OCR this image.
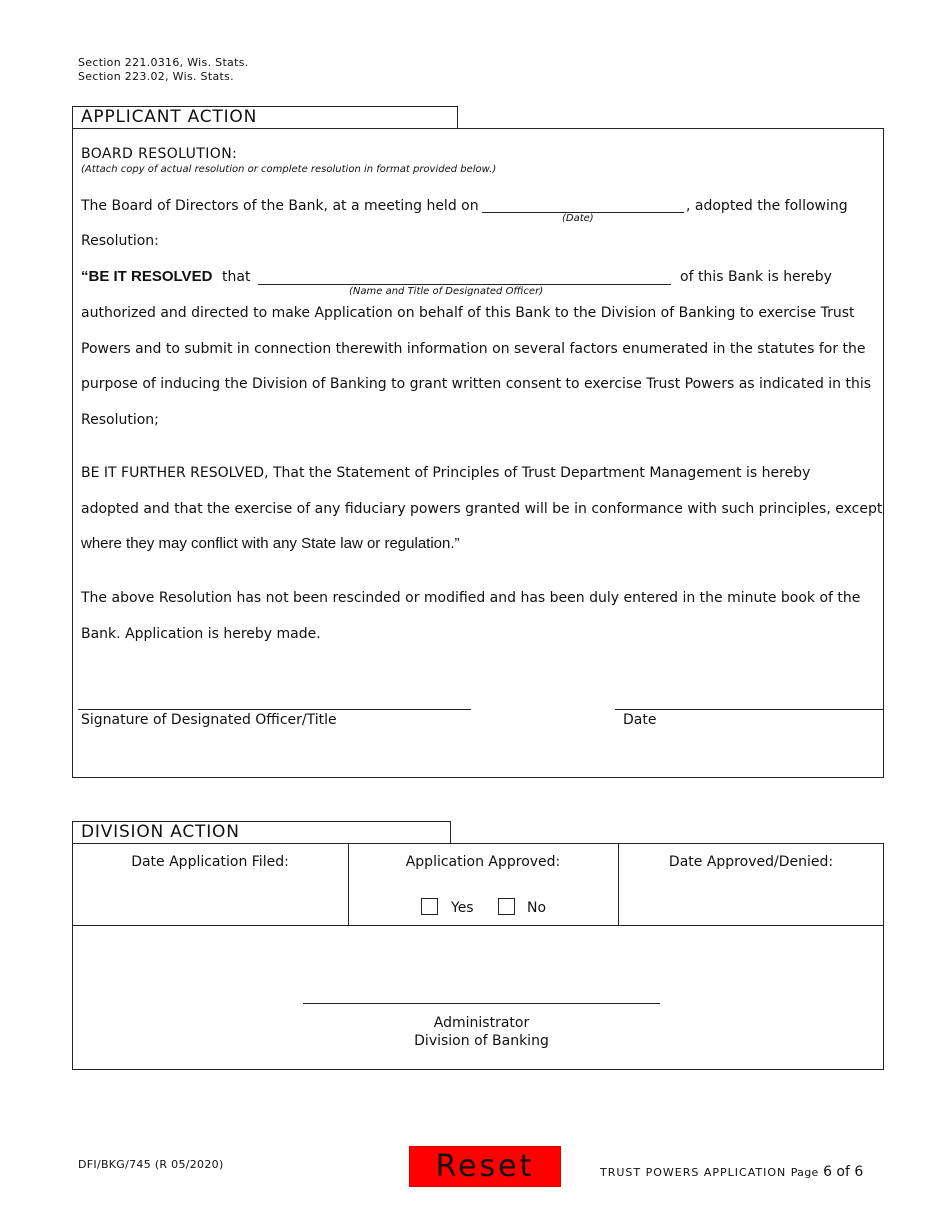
Section 221.0316, Wis. Stats.
Section 223.02, Wis. Stats.
APPLICANT ACTION
BOARD RESOLUTION:
(Attach copy of actual resolution or complete resolution in format provided below.)
The Board of Directors of the Bank, at a meeting held on	, adopted the following
(Date)
Resolution:
“BE IT RESOLVED that
(Name and Title of Designated Officer)
of this Bank is hereby
authorized and directed to make Application on behalf of this Bank to the Division of Banking to exercise Trust
Powers and to submit in connection therewith information on several factors enumerated in the statutes for the
purpose of inducing the Division of Banking to grant written consent to exercise Trust Powers as indicated in this
Resolution;
BE IT FURTHER RESOLVED, That the Statement of Principles of Trust Department Management is hereby
adopted and that the exercise of any fiduciary powers granted will be in conformance with such principles, except
where they may conflict with any State law or regulation.”
The above Resolution has not been rescinded or modified and has been duly entered in the minute book of the
Bank. Application is hereby made.
Signature of Designated Officer/Title	Date
DIVISION ACTION
Date Application Filed:	Application Approved:	Date Approved/Denied:
Yes	No
Administrator
Division of Banking
DFI/BKG/745 (R 05/2020)	Reset	TRUST POWERS APPLICATION Page 6 of 6
